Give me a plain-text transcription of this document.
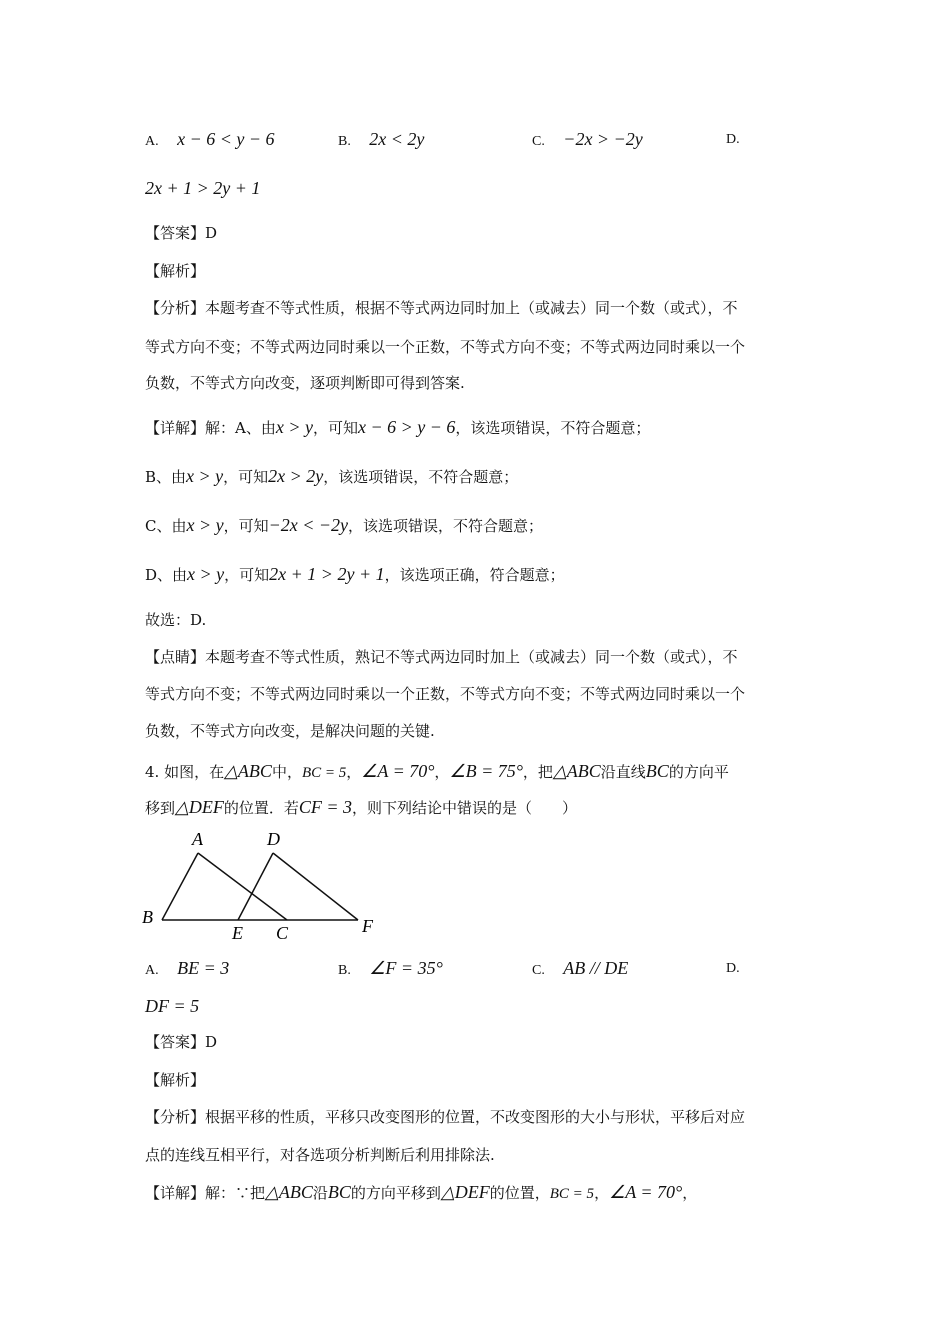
A. x − 6 < y − 6	B. 2x < 2y	C. −2x > −2y	D.
2x + 1 > 2y + 1
【答案】D
【解析】
【分析】本题考查不等式性质，根据不等式两边同时加上（或减去）同一个数（或式），不
等式方向不变；不等式两边同时乘以一个正数，不等式方向不变；不等式两边同时乘以一个
负数，不等式方向改变，逐项判断即可得到答案.
【详解】解：A、由x > y，可知x − 6 > y − 6，该选项错误，不符合题意；
B、由x > y，可知2x > 2y，该选项错误，不符合题意；
C、由x > y，可知−2x < −2y，该选项错误，不符合题意；
D、由x > y，可知2x + 1 > 2y + 1，该选项正确，符合题意；
故选：D.
【点睛】本题考查不等式性质，熟记不等式两边同时加上（或减去）同一个数（或式），不
等式方向不变；不等式两边同时乘以一个正数，不等式方向不变；不等式两边同时乘以一个
负数，不等式方向改变，是解决问题的关键.
4. 如图，在△ABC中，BC = 5，∠A = 70°，∠B = 75°，把△ABC沿直线BC的方向平
移到△DEF的位置．若CF = 3，则下列结论中错误的是（　　）
A
B
C
D
E	F
A. BE = 3	B. ∠F = 35°	C. AB // DE	D.
DF = 5
【答案】D
【解析】
【分析】根据平移的性质，平移只改变图形的位置，不改变图形的大小与形状，平移后对应
点的连线互相平行，对各选项分析判断后利用排除法.
【详解】解：∵把△ABC沿BC的方向平移到△DEF的位置，BC = 5，∠A = 70°，
